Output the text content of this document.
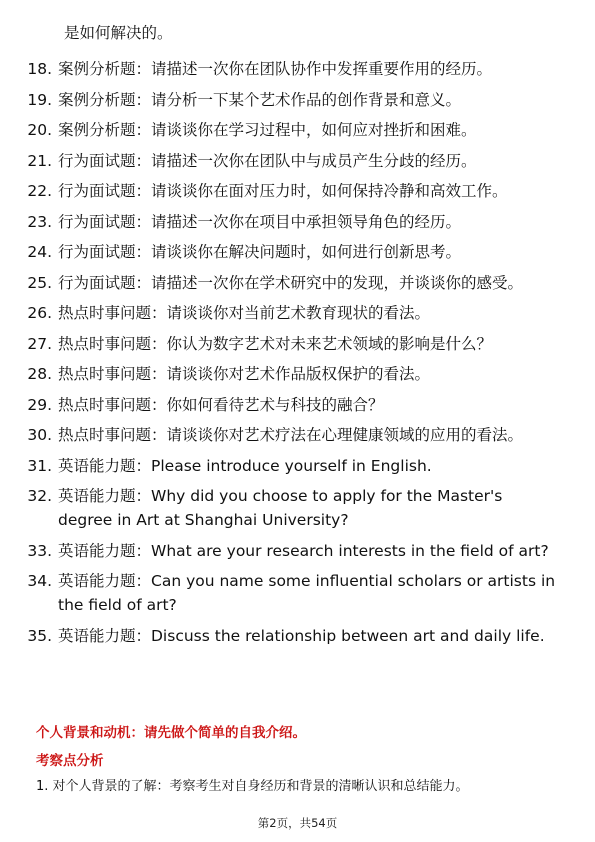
是如何解决的。
18. 案例分析题：请描述一次你在团队协作中发挥重要作用的经历。
19. 案例分析题：请分析一下某个艺术作品的创作背景和意义。
20. 案例分析题：请谈谈你在学习过程中，如何应对挫折和困难。
21. 行为面试题：请描述一次你在团队中与成员产生分歧的经历。
22. 行为面试题：请谈谈你在面对压力时，如何保持冷静和高效工作。
23. 行为面试题：请描述一次你在项目中承担领导角色的经历。
24. 行为面试题：请谈谈你在解决问题时，如何进行创新思考。
25. 行为面试题：请描述一次你在学术研究中的发现，并谈谈你的感受。
26. 热点时事问题：请谈谈你对当前艺术教育现状的看法。
27. 热点时事问题：你认为数字艺术对未来艺术领域的影响是什么？
28. 热点时事问题：请谈谈你对艺术作品版权保护的看法。
29. 热点时事问题：你如何看待艺术与科技的融合？
30. 热点时事问题：请谈谈你对艺术疗法在心理健康领域的应用的看法。
31. 英语能力题：Please introduce yourself in English.
32. 英语能力题：Why did you choose to apply for the Master's degree in Art at Shanghai University?
33. 英语能力题：What are your research interests in the field of art?
34. 英语能力题：Can you name some influential scholars or artists in the field of art?
35. 英语能力题：Discuss the relationship between art and daily life.
个人背景和动机：请先做个简单的自我介绍。
考察点分析
1. 对个人背景的了解：考察考生对自身经历和背景的清晰认识和总结能力。
第2页，共54页
